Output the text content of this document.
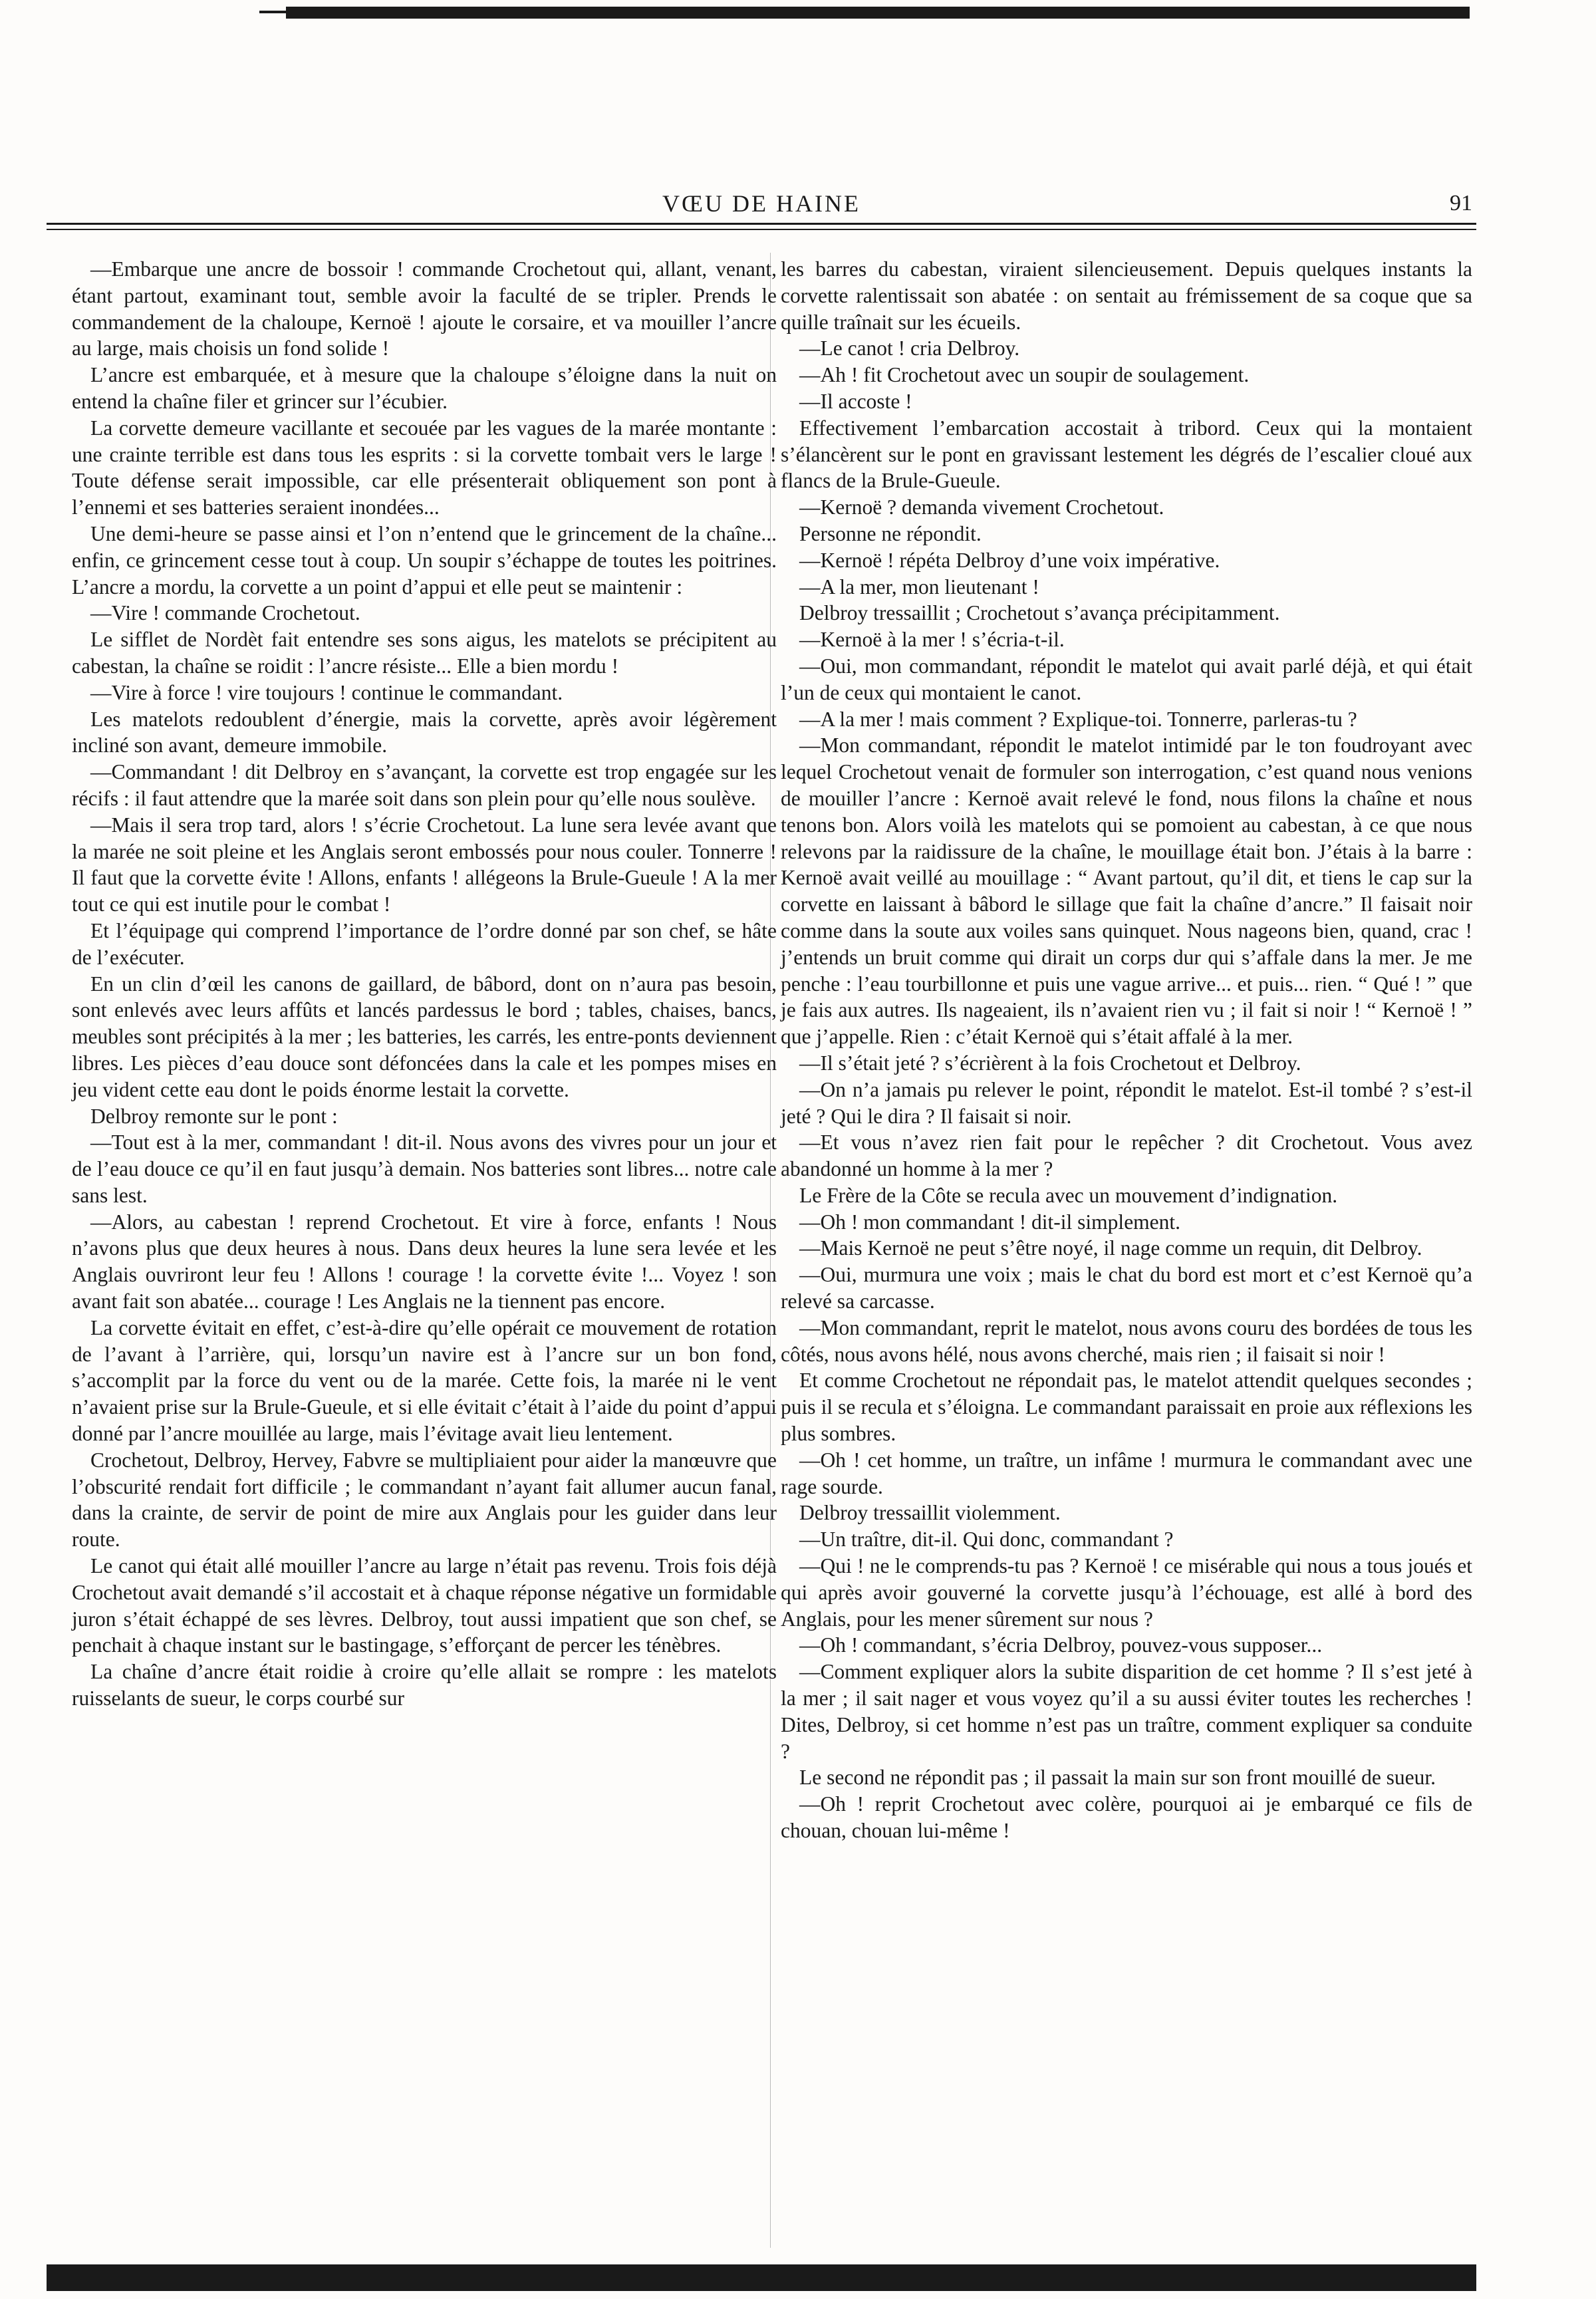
VŒU DE HAINE	91

—Embarque une ancre de bossoir ! commande Crochetout qui, allant, venant, étant partout, examinant tout, semble avoir la faculté de se tripler. Prends le commandement de la chaloupe, Kernoë ! ajoute le corsaire, et va mouiller l’ancre au large, mais choisis un fond solide !

L’ancre est embarquée, et à mesure que la chaloupe s’éloigne dans la nuit on entend la chaîne filer et grincer sur l’écubier.

La corvette demeure vacillante et secouée par les vagues de la marée montante : une crainte terrible est dans tous les esprits : si la corvette tombait vers le large ! Toute défense serait impossible, car elle présenterait obliquement son pont à l’ennemi et ses batteries seraient inondées...

Une demi-heure se passe ainsi et l’on n’entend que le grincement de la chaîne... enfin, ce grincement cesse tout à coup. Un soupir s’échappe de toutes les poitrines. L’ancre a mordu, la corvette a un point d’appui et elle peut se maintenir :

—Vire ! commande Crochetout.

Le sifflet de Nordèt fait entendre ses sons aigus, les matelots se précipitent au cabestan, la chaîne se roidit : l’ancre résiste... Elle a bien mordu !

—Vire à force ! vire toujours ! continue le commandant.

Les matelots redoublent d’énergie, mais la corvette, après avoir légèrement incliné son avant, demeure immobile.

—Commandant ! dit Delbroy en s’avançant, la corvette est trop engagée sur les récifs : il faut attendre que la marée soit dans son plein pour qu’elle nous soulève.

—Mais il sera trop tard, alors ! s’écrie Crochetout. La lune sera levée avant que la marée ne soit pleine et les Anglais seront embossés pour nous couler. Tonnerre ! Il faut que la corvette évite ! Allons, enfants ! allégeons la Brule-Gueule ! A la mer tout ce qui est inutile pour le combat !

Et l’équipage qui comprend l’importance de l’ordre donné par son chef, se hâte de l’exécuter.

En un clin d’œil les canons de gaillard, de bâbord, dont on n’aura pas besoin, sont enlevés avec leurs affûts et lancés pardessus le bord ; tables, chaises, bancs, meubles sont précipités à la mer ; les batteries, les carrés, les entre-ponts deviennent libres. Les pièces d’eau douce sont défoncées dans la cale et les pompes mises en jeu vident cette eau dont le poids énorme lestait la corvette.

Delbroy remonte sur le pont :

—Tout est à la mer, commandant ! dit-il. Nous avons des vivres pour un jour et de l’eau douce ce qu’il en faut jusqu’à demain. Nos batteries sont libres... notre cale sans lest.

—Alors, au cabestan ! reprend Crochetout. Et vire à force, enfants ! Nous n’avons plus que deux heures à nous. Dans deux heures la lune sera levée et les Anglais ouvriront leur feu ! Allons ! courage ! la corvette évite !... Voyez ! son avant fait son abatée... courage ! Les Anglais ne la tiennent pas encore.

La corvette évitait en effet, c’est-à-dire qu’elle opérait ce mouvement de rotation de l’avant à l’arrière, qui, lorsqu’un navire est à l’ancre sur un bon fond, s’accomplit par la force du vent ou de la marée. Cette fois, la marée ni le vent n’avaient prise sur la Brule-Gueule, et si elle évitait c’était à l’aide du point d’appui donné par l’ancre mouillée au large, mais l’évitage avait lieu lentement.

Crochetout, Delbroy, Hervey, Fabvre se multipliaient pour aider la manœuvre que l’obscurité rendait fort difficile ; le commandant n’ayant fait allumer aucun fanal, dans la crainte, de servir de point de mire aux Anglais pour les guider dans leur route.

Le canot qui était allé mouiller l’ancre au large n’était pas revenu. Trois fois déjà Crochetout avait demandé s’il accostait et à chaque réponse négative un formidable juron s’était échappé de ses lèvres. Delbroy, tout aussi impatient que son chef, se penchait à chaque instant sur le bastingage, s’efforçant de percer les ténèbres.

La chaîne d’ancre était roidie à croire qu’elle allait se rompre : les matelots ruisselants de sueur, le corps courbé sur

les barres du cabestan, viraient silencieusement. Depuis quelques instants la corvette ralentissait son abatée : on sentait au frémissement de sa coque que sa quille traînait sur les écueils.

—Le canot ! cria Delbroy.

—Ah ! fit Crochetout avec un soupir de soulagement.

—Il accoste !

Effectivement l’embarcation accostait à tribord. Ceux qui la montaient s’élancèrent sur le pont en gravissant lestement les dégrés de l’escalier cloué aux flancs de la Brule-Gueule.

—Kernoë ? demanda vivement Crochetout.

Personne ne répondit.

—Kernoë ! répéta Delbroy d’une voix impérative.

—A la mer, mon lieutenant !

Delbroy tressaillit ; Crochetout s’avança précipitamment.

—Kernoë à la mer ! s’écria-t-il.

—Oui, mon commandant, répondit le matelot qui avait parlé déjà, et qui était l’un de ceux qui montaient le canot.

—A la mer ! mais comment ? Explique-toi. Tonnerre, parleras-tu ?

—Mon commandant, répondit le matelot intimidé par le ton foudroyant avec lequel Crochetout venait de formuler son interrogation, c’est quand nous venions de mouiller l’ancre : Kernoë avait relevé le fond, nous filons la chaîne et nous tenons bon. Alors voilà les matelots qui se pomoient au cabestan, à ce que nous relevons par la raidissure de la chaîne, le mouillage était bon. J’étais à la barre : Kernoë avait veillé au mouillage : “ Avant partout, qu’il dit, et tiens le cap sur la corvette en laissant à bâbord le sillage que fait la chaîne d’ancre.” Il faisait noir comme dans la soute aux voiles sans quinquet. Nous nageons bien, quand, crac ! j’entends un bruit comme qui dirait un corps dur qui s’affale dans la mer. Je me penche : l’eau tourbillonne et puis une vague arrive... et puis... rien. “ Qué ! ” que je fais aux autres. Ils nageaient, ils n’avaient rien vu ; il fait si noir ! “ Kernoë ! ” que j’appelle. Rien : c’était Kernoë qui s’était affalé à la mer.

—Il s’était jeté ? s’écrièrent à la fois Crochetout et Delbroy.

—On n’a jamais pu relever le point, répondit le matelot. Est-il tombé ? s’est-il jeté ? Qui le dira ? Il faisait si noir.

—Et vous n’avez rien fait pour le repêcher ? dit Crochetout. Vous avez abandonné un homme à la mer ?

Le Frère de la Côte se recula avec un mouvement d’indignation.

—Oh ! mon commandant ! dit-il simplement.

—Mais Kernoë ne peut s’être noyé, il nage comme un requin, dit Delbroy.

—Oui, murmura une voix ; mais le chat du bord est mort et c’est Kernoë qu’a relevé sa carcasse.

—Mon commandant, reprit le matelot, nous avons couru des bordées de tous les côtés, nous avons hélé, nous avons cherché, mais rien ; il faisait si noir !

Et comme Crochetout ne répondait pas, le matelot attendit quelques secondes ; puis il se recula et s’éloigna. Le commandant paraissait en proie aux réflexions les plus sombres.

—Oh ! cet homme, un traître, un infâme ! murmura le commandant avec une rage sourde.

Delbroy tressaillit violemment.

—Un traître, dit-il. Qui donc, commandant ?

—Qui ! ne le comprends-tu pas ? Kernoë ! ce misérable qui nous a tous joués et qui après avoir gouverné la corvette jusqu’à l’échouage, est allé à bord des Anglais, pour les mener sûrement sur nous ?

—Oh ! commandant, s’écria Delbroy, pouvez-vous supposer...

—Comment expliquer alors la subite disparition de cet homme ? Il s’est jeté à la mer ; il sait nager et vous voyez qu’il a su aussi éviter toutes les recherches ! Dites, Delbroy, si cet homme n’est pas un traître, comment expliquer sa conduite ?

Le second ne répondit pas ; il passait la main sur son front mouillé de sueur.

—Oh ! reprit Crochetout avec colère, pourquoi ai je embarqué ce fils de chouan, chouan lui-même !
